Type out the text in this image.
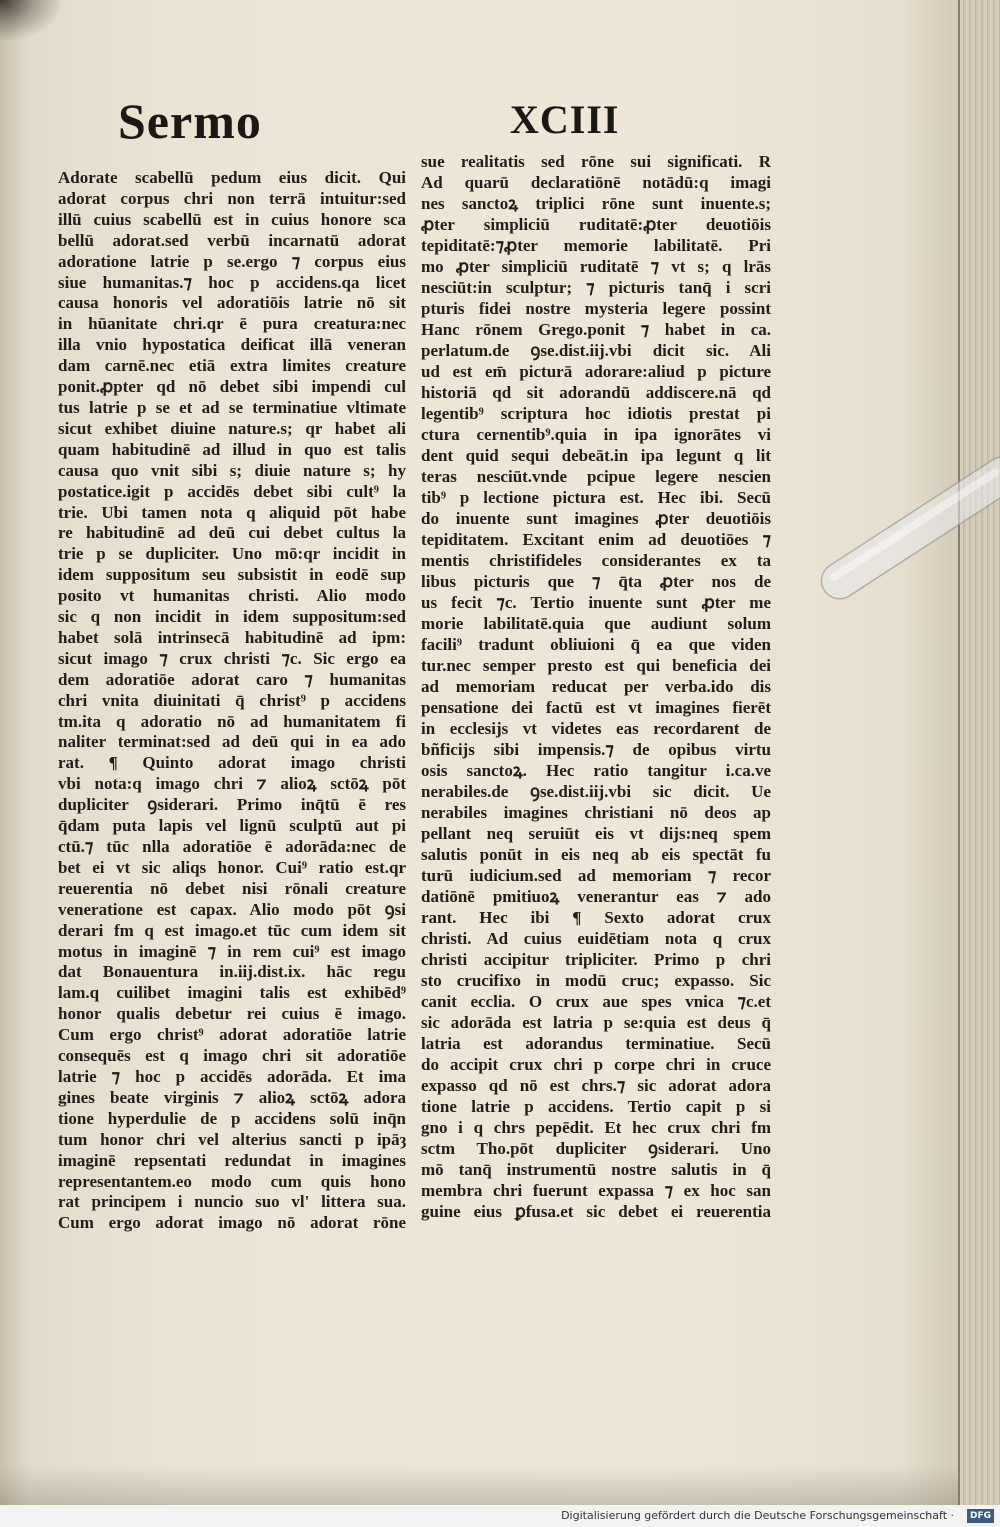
Sermo	XCIII
Adorate scabellū pedum eius dicit. Qui
adorat corpus chri non terrā intuitur:sed
illū cuius scabellū est in cuius honore sca
bellū adorat.sed verbū incarnatū adorat
adoratione latrie p se.ergo ⁊ corpus eius
siue humanitas.⁊ hoc p accidens.qa licet
causa honoris vel adoratiōis latrie nō sit
in hūanitate chri.qr ē pura creatura:nec
illa vnio hypostatica deificat illā veneran
dam carnē.nec etiā extra limites creature
ponit.ꝓpter qd nō debet sibi impendi cul
tus latrie p se et ad se terminatiue vltimate
sicut exhibet diuine nature.s; qr habet ali
quam habitudinē ad illud in quo est talis
causa quo vnit sibi s; diuie nature s; hy
postatice.igit p accidēs debet sibi cult⁹ la
trie. Ubi tamen nota q aliquid pōt habe
re habitudinē ad deū cui debet cultus la
trie p se dupliciter. Uno mō:qr incidit in
idem suppositum seu subsistit in eodē sup
posito vt humanitas christi. Alio modo
sic q non incidit in idem suppositum:sed
habet solā intrinsecā habitudinē ad ipm:
sicut imago ⁊ crux christi ⁊c. Sic ergo ea
dem adoratiōe adorat caro ⁊ humanitas
chri vnita diuinitati q̄ christ⁹ p accidens
tm.ita q adoratio nō ad humanitatem fi
naliter terminat:sed ad deū qui in ea ado
rat. ¶ Quinto adorat imago christi
vbi nota:q imago chri ⁊ alioꝝ sctōꝝ pōt
dupliciter ꝯsiderari. Primo inq̄tū ē res
q̄dam puta lapis vel lignū sculptū aut pi
ctū.⁊ tūc nlla adoratiōe ē adorāda:nec de
bet ei vt sic aliqs honor. Cui⁹ ratio est.qr
reuerentia nō debet nisi rōnali creature
veneratione est capax. Alio modo pōt ꝯsi
derari fm q est imago.et tūc cum idem sit
motus in imaginē ⁊ in rem cui⁹ est imago
dat Bonauentura in.iij.dist.ix. hāc regu
lam.q cuilibet imagini talis est exhibēd⁹
honor qualis debetur rei cuius ē imago.
Cum ergo christ⁹ adorat adoratiōe latrie
consequēs est q imago chri sit adoratiōe
latrie ⁊ hoc p accidēs adorāda. Et ima
gines beate virginis ⁊ alioꝝ sctōꝝ adora
tione hyperdulie de p accidens solū inq̄n
tum honor chri vel alterius sancti p ipāȝ
imaginē repsentati redundat in imagines
representantem.eo modo cum quis hono
rat principem i nuncio suo vl' littera sua.
Cum ergo adorat imago nō adorat rōne
sue realitatis sed rōne sui significati. R
Ad quarū declaratiōnē notādū:q imagi
nes sanctoꝝ triplici rōne sunt inuente.s;
ꝓter simpliciū ruditatē:ꝓter deuotiōis
tepiditatē:⁊ꝓter memorie labilitatē. Pri
mo ꝓter simpliciū ruditatē ⁊ vt s; q lrās
nesciūt:in sculptur; ⁊ picturis tanq̄ i scri
pturis fidei nostre mysteria legere possint
Hanc rōnem Grego.ponit ⁊ habet in ca.
perlatum.de ꝯse.dist.iij.vbi dicit sic. Ali
ud est em̄ picturā adorare:aliud p picture
historiā qd sit adorandū addiscere.nā qd
legentib⁹ scriptura hoc idiotis prestat pi
ctura cernentib⁹.quia in ipa ignorātes vi
dent quid sequi debeāt.in ipa legunt q lit
teras nesciūt.vnde pcipue legere nescien
tib⁹ p lectione pictura est. Hec ibi. Secū
do inuente sunt imagines ꝓter deuotiōis
tepiditatem. Excitant enim ad deuotiōes ⁊
mentis christifideles considerantes ex ta
libus picturis que ⁊ q̄ta ꝓter nos de
us fecit ⁊c. Tertio inuente sunt ꝓter me
morie labilitatē.quia que audiunt solum
facili⁹ tradunt obliuioni q̄ ea que viden
tur.nec semper presto est qui beneficia dei
ad memoriam reducat per verba.ido dis
pensatione dei factū est vt imagines fierēt
in ecclesijs vt videtes eas recordarent de
bñficijs sibi impensis.⁊ de opibus virtu
osis sanctoꝝ. Hec ratio tangitur i.ca.ve
nerabiles.de ꝯse.dist.iij.vbi sic dicit. Ue
nerabiles imagines christiani nō deos ap
pellant neq seruiūt eis vt dijs:neq spem
salutis ponūt in eis neq ab eis spectāt fu
turū iudicium.sed ad memoriam ⁊ recor
datiōnē pmitiuoꝝ venerantur eas ⁊ ado
rant. Hec ibi ¶ Sexto adorat crux
christi. Ad cuius euidētiam nota q crux
christi accipitur tripliciter. Primo p chri
sto crucifixo in modū cruc; expasso. Sic
canit ecclia. O crux aue spes vnica ⁊c.et
sic adorāda est latria p se:quia est deus q̄
latria est adorandus terminatiue. Secū
do accipit crux chri p corpe chri in cruce
expasso qd nō est chrs.⁊ sic adorat adora
tione latrie p accidens. Tertio capit p si
gno i q chrs pepēdit. Et hec crux chri fm
sctm Tho.pōt dupliciter ꝯsiderari. Uno
mō tanq̄ instrumentū nostre salutis in q̄
membra chri fuerunt expassa ⁊ ex hoc san
guine eius ꝑfusa.et sic debet ei reuerentia
Digitalisierung gefördert durch die Deutsche Forschungsgemeinschaft ·	DFG
